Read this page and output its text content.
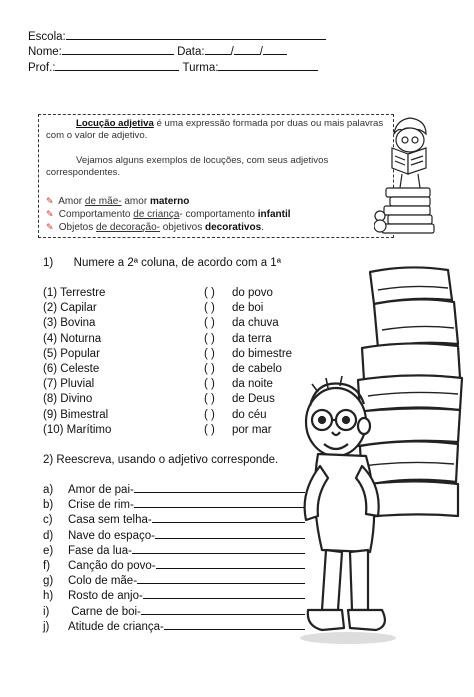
Escola:
Nome:	Data: / /
Prof.:	Turma:
Locução adjetiva é uma expressão formada por duas ou mais palavras com o valor de adjetivo.
Vejamos alguns exemplos de locuções, com seus adjetivos correspondentes.
✎ Amor de mãe- amor materno
✎ Comportamento de criança- comportamento infantil
✎ Objetos de decoração- objetivos decorativos.
1) Numere a 2ª coluna, de acordo com a 1ª
(1) Terrestre	( ) do povo
(2) Capilar	( ) de boi
(3) Bovina	( ) da chuva
(4) Noturna	( ) da terra
(5) Popular	( ) do bimestre
(6) Celeste	( ) de cabelo
(7) Pluvial	( ) da noite
(8) Divino	( ) de Deus
(9) Bimestral	( ) do céu
(10) Marítimo	( ) por mar
2) Reescreva, usando o adjetivo corresponde.
a) Amor de pai-
b) Crise de rim-
c) Casa sem telha-
d) Nave do espaço-
e) Fase da lua-
f) Canção do povo-
g) Colo de mãe-
h) Rosto de anjo-
i) Carne de boi-
j) Atitude de criança-
